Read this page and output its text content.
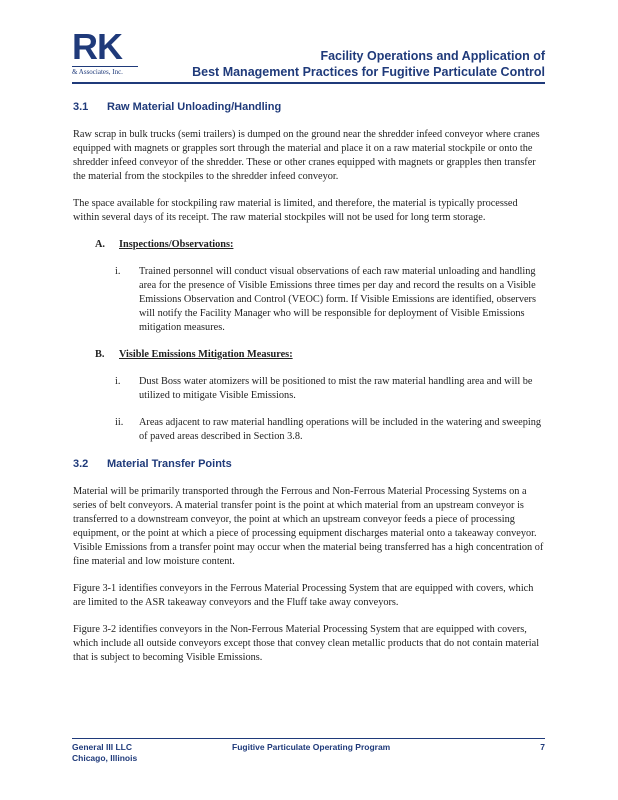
RK
& Associates, Inc.
Facility Operations and Application of
Best Management Practices for Fugitive Particulate Control
3.1 Raw Material Unloading/Handling

Raw scrap in bulk trucks (semi trailers) is dumped on the ground near the shredder infeed conveyor where cranes equipped with magnets or grapples sort through the material and place it on a raw material stockpile or onto the shredder infeed conveyor of the shredder. These or other cranes equipped with magnets or grapples then transfer the material from the stockpiles to the shredder infeed conveyor.

The space available for stockpiling raw material is limited, and therefore, the material is typically processed within several days of its receipt. The raw material stockpiles will not be used for long term storage.

A.	Inspections/Observations:
i.	Trained personnel will conduct visual observations of each raw material unloading and handling area for the presence of Visible Emissions three times per day and record the results on a Visible Emissions Observation and Control (VEOC) form. If Visible Emissions are identified, observers will notify the Facility Manager who will be responsible for deployment of Visible Emissions mitigation measures.
B.	Visible Emissions Mitigation Measures:
i.	Dust Boss water atomizers will be positioned to mist the raw material handling area and will be utilized to mitigate Visible Emissions.
ii.	Areas adjacent to raw material handling operations will be included in the watering and sweeping of paved areas described in Section 3.8.
3.2 Material Transfer Points

Material will be primarily transported through the Ferrous and Non-Ferrous Material Processing Systems on a series of belt conveyors. A material transfer point is the point at which material from an upstream conveyor is transferred to a downstream conveyor, the point at which an upstream conveyor feeds a piece of processing equipment, or the point at which a piece of processing equipment discharges material onto a takeaway conveyor. Visible Emissions from a transfer point may occur when the material being transferred has a high concentration of fine material and low moisture content.

Figure 3-1 identifies conveyors in the Ferrous Material Processing System that are equipped with covers, which are limited to the ASR takeaway conveyors and the Fluff take away conveyors.

Figure 3-2 identifies conveyors in the Non-Ferrous Material Processing System that are equipped with covers, which include all outside conveyors except those that convey clean metallic products that do not contain material that is subject to becoming Visible Emissions.

General III LLC
Chicago, Illinois
Fugitive Particulate Operating Program	7
